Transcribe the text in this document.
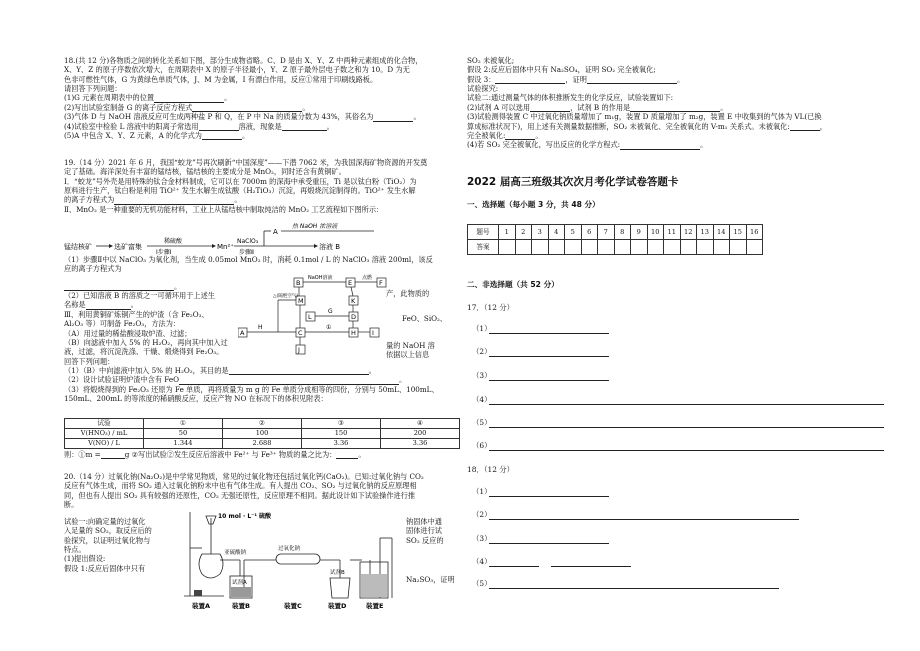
18.(共 12 分)各物质之间的转化关系如下图，部分生成物省略。C、D 是由 X、Y、Z 中两种元素组成的化合物，

X、Y、Z 的原子序数依次增大，在周期表中 X 的原子半径最小，Y、Z 原子最外层电子数之和为 10。D 为无

色非可燃性气体，G 为黄绿色单质气体，J、M 为金属，I 有漂白作用，反应①常用于印刷线路板。

请回答下列问题：

(1)G 元素在周期表中的位置	。

(2)写出试验室制备 G 的离子反应方程式	。

(3)气体 D 与 NaOH 溶液反应可生成两种盐 P 和 Q，在 P 中 Na 的质量分数为 43%，其俗名为	。

(4)试验室中检验 L 溶液中的阳离子常选用	溶液，现象是	。

(5)A 中包含 X、Y、Z 元素，A 的化学式为	。

19.（14 分）2021 年 6 月，我国“蛟龙”号再次刷新“中国深度”——下潜 7062 米，为我国深海矿物资源的开发奠

定了基础。海洋深处有丰富的锰结核，锰结核的主要成分是 MnO₂，同时还含有黄铜矿。

Ⅰ．“蛟龙”号外壳是用特殊的钛合金材料制成，它可以在 7000m 的深海中承受重压，Ti 是以钛白粉（TiO₂）为

原料进行生产，钛白粉是利用 TiO²⁺ 发生水解生成钛酸（H₂TiO₃）沉淀，再煅烧沉淀制得的。TiO²⁺ 发生水解

的离子方程式为	。

Ⅱ、MnO₂ 是一种重要的无机功能材料，工业上从锰结核中制取纯洁的 MnO₂ 工艺流程如下图所示：

锰结核矿	选矿富集
稀硫酸
Ⅰ步骤Ⅰ
Mn²⁺
NaClO₃
步骤Ⅱ
A
热 NaOH 浓溶液
溶液 B
B
NaOH溶液
E
点燃
F
M	K
G
L	D
C	H I
A
H
△(隔绝空气)
J
①

（1）步骤Ⅱ中以 NaClO₃ 为氧化剂，当生成 0.05mol MnO₂ 时，消耗 0.1mol / L 的 NaClO₃ 溶液 200ml，该反

应的离子方程式为

。

（2）已知溶液 B 的溶质之一可循环用于上述生

名称是	。

Ⅲ、利用黄铜矿炼铜产生的炉渣（含 Fe₂O₃、

Al₂O₃ 等）可制备 Fe₂O₃，方法为：

（A）用过量的稀盐酸浸取炉渣、过滤；

（B）向滤液中加入 5% 的 H₂O₂，再向其中加入过

液，过滤，将沉淀洗涤、干燥、煅烧得到 Fe₂O₃。

回答下列问题：

（1）（B）中向滤液中加入 5% 的 H₂O₂，其目的是	。

（2）设计试验证明炉渣中含有 FeO	。

（3）将煅烧得到的 Fe₂O₃ 还原为 Fe 单质，再将质量为 m g 的 Fe 单质分成相等的四份，分别与 50mL、100mL、

150mL、200mL 的等浓度的稀硝酸反应，反应产物 NO 在标况下的体积见附表：

产，此物质的

FeO、SiO₂、

量的 NaOH 溶

依据以上信息

试验	①	②	③	④
V(HNO₃) / mL	50	100	150	200
V(NO) / L	1.344	2.688	3.36	3.36

则：①m =	g ②写出试验②发生反应后溶液中 Fe²⁺ 与 Fe³⁺ 物质的量之比为：	。

20.（14 分）过氧化钠(Na₂O₂)是中学常见物质，常见的过氧化物还包括过氧化钙(CaO₂)。已知:过氧化钠与 CO₂

反应有气体生成，而将 SO₂ 通入过氧化钠粉末中也有气体生成。有人提出 CO₂、SO₂ 与过氧化钠的反应原理相

同，但也有人提出 SO₂ 具有较强的还原性，CO₂ 无强还原性，反应原理不相同。据此设计如下试验操作进行推

断。

试验一:向确定量的过氧化

入足量的 SO₂，取反应后的

验探究，以证明过氧化物与

特点。

(1)提出假设:

假设 1:反应后固体中只有

钠固体中通

固体进行试

SO₂ 反应的

Na₂SO₃，证明

10 mol · L⁻¹ 硫酸
亚硫酸钠
过氧化钠
试剂A
试剂B
装置A	装置B	装置C	装置D	装置E

SO₂ 未被氧化;

假设 2:反应后固体中只有 Na₂SO₄，证明 SO₂ 完全被氧化;

假设 3：	，证明	。

试验探究:

试验二:通过测量气体的体积推断发生的化学反应，试验装置如下:

(2)试剂 A 可以选用	，试剂 B 的作用是	。

(3)试验测得装置 C 中过氧化钠质量增加了 m₁g，装置 D 质量增加了 m₂g，装置 E 中收集到的气体为 VL(已换

算成标准状况下)，用上述有关测量数据推断，SO₂ 未被氧化、完全被氧化的 V-m₁ 关系式。未被氧化:	，

完全被氧化:	。

(4)若 SO₂ 完全被氧化，写出反应的化学方程式:	。

2022 届高三班级其次次月考化学试卷答题卡
一、选择题（每小题 3 分，共 48 分）
题号	1	2	3	4	5	6	7	8	9	10	11	12	13	14	15	16
答案																
二、非选择题（共 52 分）
17．（12 分）
（1）
（2）
（3）
（4）
（5）
（6）
18．（12 分）
（1）
（2）
（3）
（4）
（5）
